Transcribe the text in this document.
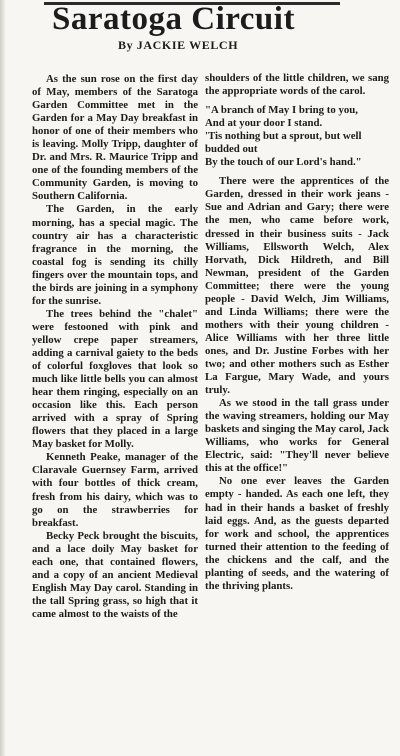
Saratoga Circuit
By JACKIE WELCH

As the sun rose on the first day of May, members of the Saratoga Garden Committee met in the Garden for a May Day breakfast in honor of one of their members who is leaving. Molly Tripp, daughter of Dr. and Mrs. R. Maurice Tripp and one of the founding members of the Community Garden, is moving to Southern California.

The Garden, in the early morning, has a special magic. The country air has a characteristic fragrance in the morning, the coastal fog is sending its chilly fingers over the mountain tops, and the birds are joining in a symphony for the sunrise.

The trees behind the "chalet" were festooned with pink and yellow crepe paper streamers, adding a carnival gaiety to the beds of colorful foxgloves that look so much like little bells you can almost hear them ringing, especially on an occasion like this. Each person arrived with a spray of Spring flowers that they placed in a large May basket for Molly.

Kenneth Peake, manager of the Claravale Guernsey Farm, arrived with four bottles of thick cream, fresh from his dairy, which was to go on the strawberries for breakfast.

Becky Peck brought the biscuits, and a lace doily May basket for each one, that contained flowers, and a copy of an ancient Medieval English May Day carol. Standing in the tall Spring grass, so high that it came almost to the waists of the

shoulders of the little children, we sang the appropriate words of the carol.

"A branch of May I bring to you,
And at your door I stand.
'Tis nothing but a sprout, but well budded out
By the touch of our Lord's hand."

There were the apprentices of the Garden, dressed in their work jeans - Sue and Adrian and Gary; there were the men, who came before work, dressed in their business suits - Jack Williams, Ellsworth Welch, Alex Horvath, Dick Hildreth, and Bill Newman, president of the Garden Committee; there were the young people - David Welch, Jim Williams, and Linda Williams; there were the mothers with their young children - Alice Williams with her three little ones, and Dr. Justine Forbes with her two; and other mothers such as Esther La Fargue, Mary Wade, and yours truly.

As we stood in the tall grass under the waving streamers, holding our May baskets and singing the May carol, Jack Williams, who works for General Electric, said: "They'll never believe this at the office!"

No one ever leaves the Garden empty - handed. As each one left, they had in their hands a basket of freshly laid eggs. And, as the guests departed for work and school, the apprentices turned their attention to the feeding of the chickens and the calf, and the planting of seeds, and the watering of the thriving plants.
